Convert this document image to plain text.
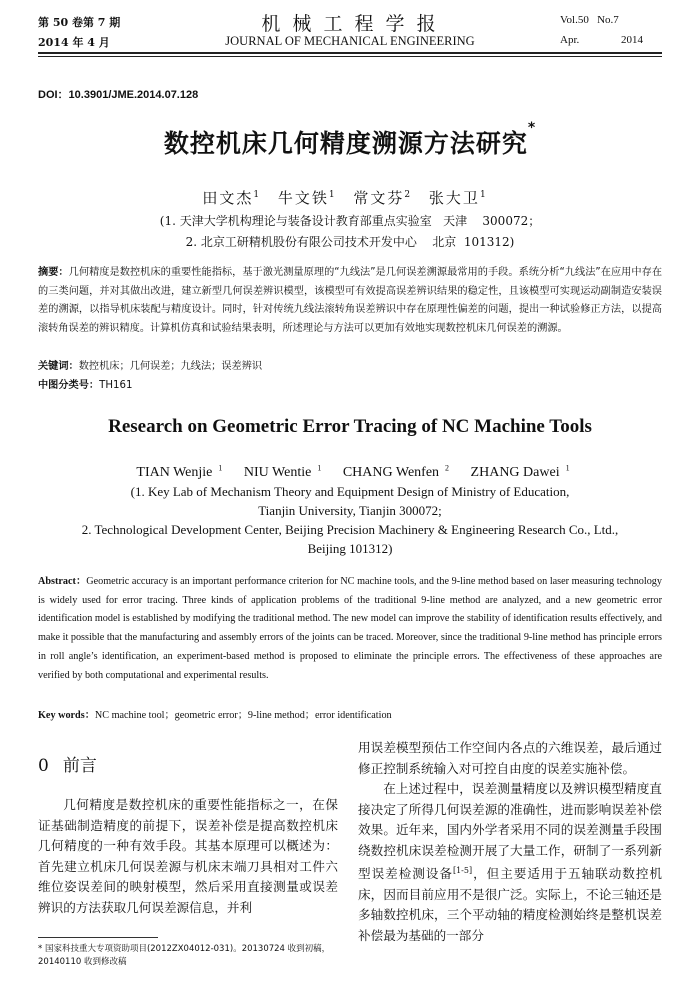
第 50 卷第 7 期
2014 年 4 月
机 械 工 程 学 报
JOURNAL OF MECHANICAL ENGINEERING
Vol.50   No.7
Apr.	2014
DOI：10.3901/JME.2014.07.128
数控机床几何精度溯源方法研究*
田文杰$^1$ 牛文铁$^1$ 常文芬$^2$ 张大卫$^1$
(1. 天津大学机构理论与装备设计教育部重点实验室   天津    300072；
2. 北京工研精机股份有限公司技术开发中心    北京  101312)
摘要：几何精度是数控机床的重要性能指标，基于激光测量原理的“九线法”是几何误差溯源最常用的手段。系统分析“九线法”在应用中存在的三类问题，并对其做出改进，建立新型几何误差辨识模型，该模型可有效提高误差辨识结果的稳定性，且该模型可实现运动副制造安装误差的溯源，以指导机床装配与精度设计。同时，针对传统九线法滚转角误差辨识中存在原理性偏差的问题，提出一种试验修正方法，以提高滚转角误差的辨识精度。计算机仿真和试验结果表明，所述理论与方法可以更加有效地实现数控机床几何误差的溯源。
关键词：数控机床；几何误差；九线法；误差辨识
中图分类号：TH161
Research on Geometric Error Tracing of NC Machine Tools
TIAN Wenjie $^1$ NIU Wentie $^1$ CHANG Wenfen $^2$ ZHANG Dawei $^1$
(1. Key Lab of Mechanism Theory and Equipment Design of Ministry of Education,
Tianjin University, Tianjin 300072;
2. Technological Development Center, Beijing Precision Machinery & Engineering Research Co., Ltd.,
Beijing 101312)
Abstract：Geometric accuracy is an important performance criterion for NC machine tools, and the 9-line method based on laser measuring technology is widely used for error tracing. Three kinds of application problems of the traditional 9-line method are analyzed, and a new geometric error identification model is established by modifying the traditional method. The new model can improve the stability of identification results effectively, and make it possible that the manufacturing and assembly errors of the joints can be traced. Moreover, since the traditional 9-line method has principle errors in roll angle’s identification, an experiment-based method is proposed to eliminate the principle errors. The effectiveness of these approaches are verified by both computational and experimental results.
Key words：NC machine tool；geometric error；9-line method；error identification
0 前言

几何精度是数控机床的重要性能指标之一，在保证基础制造精度的前提下，误差补偿是提高数控机床几何精度的一种有效手段。其基本原理可以概述为：首先建立机床几何误差源与机床末端刀具相对工件六维位姿误差间的映射模型，然后采用直接测量或误差辨识的方法获取几何误差源信息，并利

* 国家科技重大专项资助项目(2012ZX04012-031)。20130724 收到初稿，20140110 收到修改稿

用误差模型预估工作空间内各点的六维误差，最后通过修正控制系统输入对可控自由度的误差实施补偿。

在上述过程中，误差测量精度以及辨识模型精度直接决定了所得几何误差源的准确性，进而影响误差补偿效果。近年来，国内外学者采用不同的误差测量手段围绕数控机床误差检测开展了大量工作，研制了一系列新型误差检测设备[1-5]，但主要适用于五轴联动数控机床，因而目前应用不是很广泛。实际上，不论三轴还是多轴数控机床，三个平动轴的精度检测始终是整机误差补偿最为基础的一部分
